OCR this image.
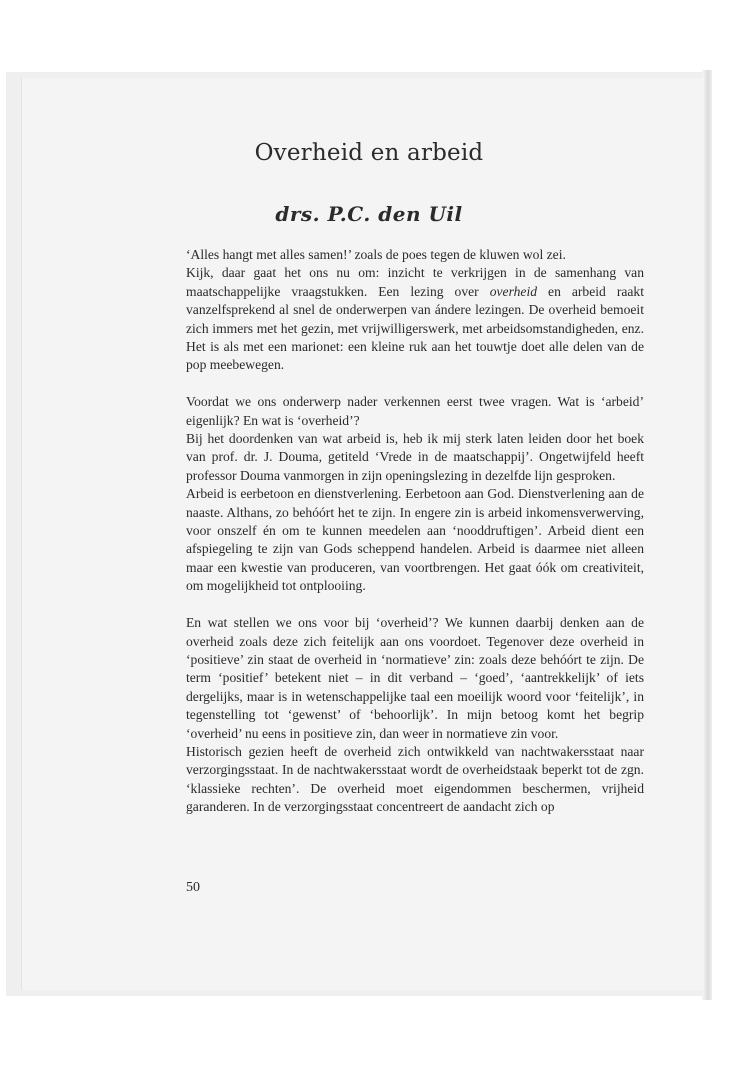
Overheid en arbeid
drs. P.C. den Uil

‘Alles hangt met alles samen!’ zoals de poes tegen de kluwen wol zei.

Kijk, daar gaat het ons nu om: inzicht te verkrijgen in de samenhang van maatschappelijke vraagstukken. Een lezing over overheid en arbeid raakt vanzelfsprekend al snel de onderwerpen van ándere lezingen. De overheid bemoeit zich immers met het gezin, met vrijwilligerswerk, met arbeidsomstandigheden, enz. Het is als met een marionet: een kleine ruk aan het touwtje doet alle delen van de pop meebewegen.

Voordat we ons onderwerp nader verkennen eerst twee vragen. Wat is ‘arbeid’ eigenlijk? En wat is ‘overheid’?

Bij het doordenken van wat arbeid is, heb ik mij sterk laten leiden door het boek van prof. dr. J. Douma, getiteld ‘Vrede in de maatschappij’. Ongetwijfeld heeft professor Douma vanmorgen in zijn openingslezing in dezelfde lijn gesproken.

Arbeid is eerbetoon en dienstverlening. Eerbetoon aan God. Dienstverlening aan de naaste. Althans, zo behóórt het te zijn. In engere zin is arbeid inkomensverwerving, voor onszelf én om te kunnen meedelen aan ‘nooddruftigen’. Arbeid dient een afspiegeling te zijn van Gods scheppend handelen. Arbeid is daarmee niet alleen maar een kwestie van produceren, van voortbrengen. Het gaat óók om creativiteit, om mogelijkheid tot ontplooiing.

En wat stellen we ons voor bij ‘overheid’? We kunnen daarbij denken aan de overheid zoals deze zich feitelijk aan ons voordoet. Tegenover deze overheid in ‘positieve’ zin staat de overheid in ‘normatieve’ zin: zoals deze behóórt te zijn. De term ‘positief’ betekent niet – in dit verband – ‘goed’, ‘aantrekkelijk’ of iets dergelijks, maar is in wetenschappelijke taal een moeilijk woord voor ‘feitelijk’, in tegenstelling tot ‘gewenst’ of ‘behoorlijk’. In mijn betoog komt het begrip ‘overheid’ nu eens in positieve zin, dan weer in normatieve zin voor.

Historisch gezien heeft de overheid zich ontwikkeld van nachtwakersstaat naar verzorgingsstaat. In de nachtwakersstaat wordt de overheidstaak beperkt tot de zgn. ‘klassieke rechten’. De overheid moet eigendommen beschermen, vrijheid garanderen. In de verzorgingsstaat concentreert de aandacht zich op

50
